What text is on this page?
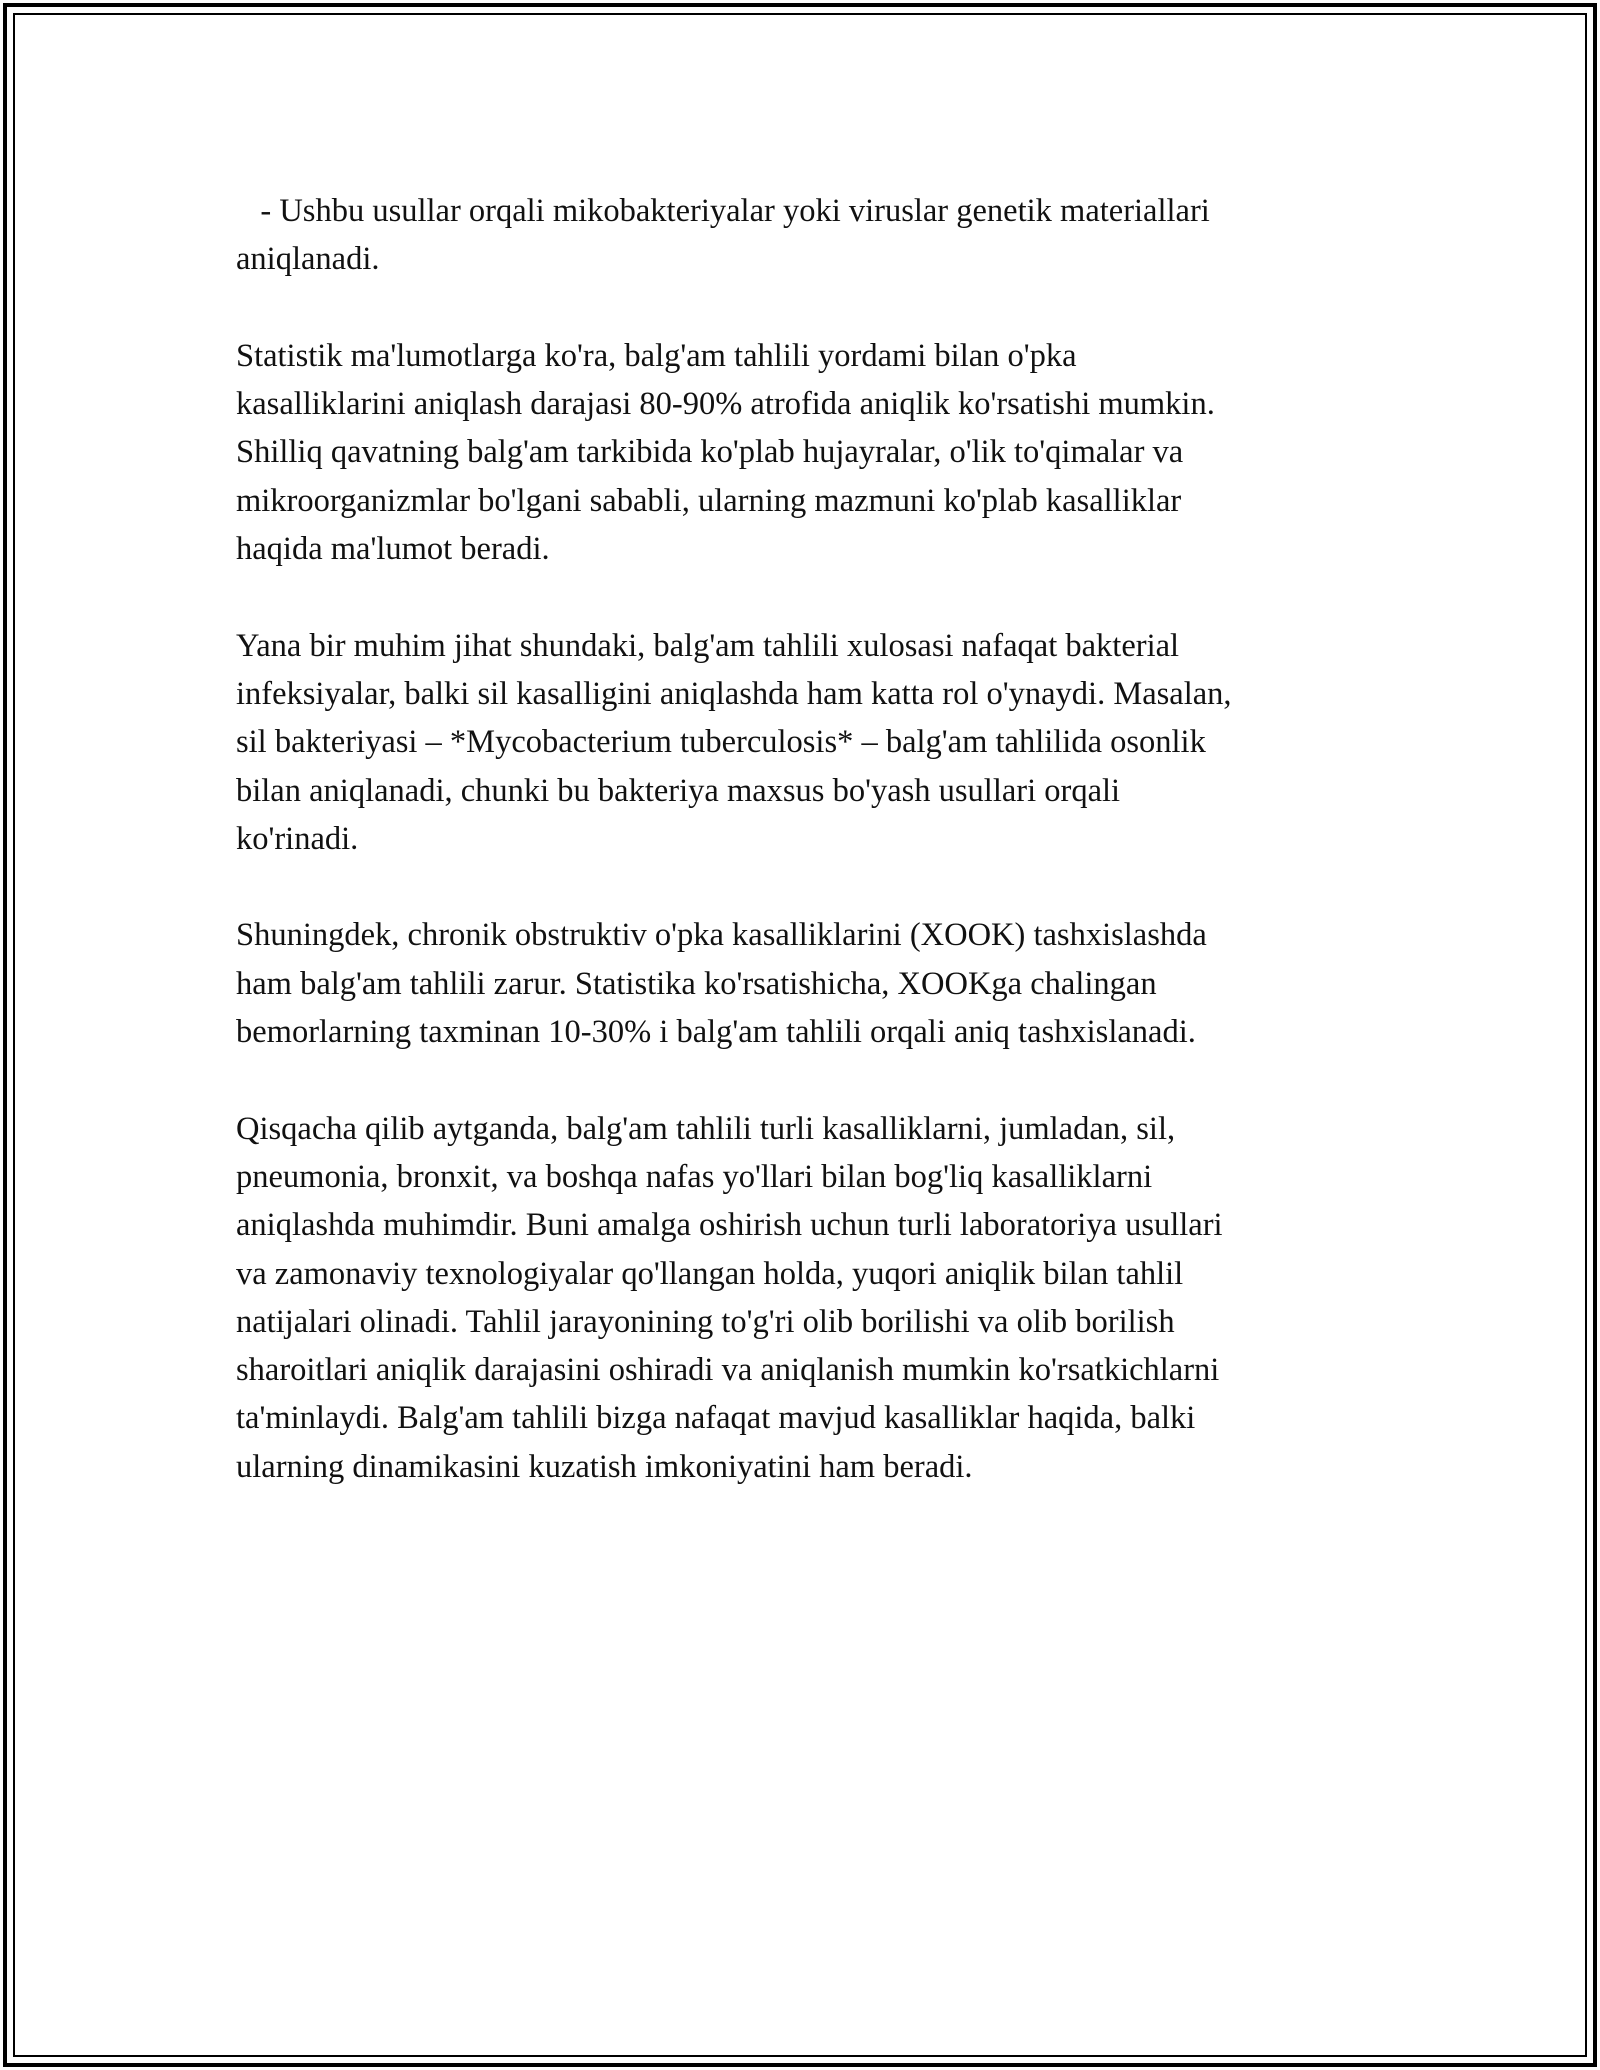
- Ushbu usullar orqali mikobakteriyalar yoki viruslar genetik materiallari
aniqlanadi.

Statistik ma'lumotlarga ko'ra, balg'am tahlili yordami bilan o'pka
kasalliklarini aniqlash darajasi 80-90% atrofida aniqlik ko'rsatishi mumkin.
Shilliq qavatning balg'am tarkibida ko'plab hujayralar, o'lik to'qimalar va
mikroorganizmlar bo'lgani sababli, ularning mazmuni ko'plab kasalliklar
haqida ma'lumot beradi.

Yana bir muhim jihat shundaki, balg'am tahlili xulosasi nafaqat bakterial
infeksiyalar, balki sil kasalligini aniqlashda ham katta rol o'ynaydi. Masalan,
sil bakteriyasi – *Mycobacterium tuberculosis* – balg'am tahlilida osonlik
bilan aniqlanadi, chunki bu bakteriya maxsus bo'yash usullari orqali
ko'rinadi.

Shuningdek, chronik obstruktiv o'pka kasalliklarini (XOOK) tashxislashda
ham balg'am tahlili zarur. Statistika ko'rsatishicha, XOOKga chalingan
bemorlarning taxminan 10-30% i balg'am tahlili orqali aniq tashxislanadi.

Qisqacha qilib aytganda, balg'am tahlili turli kasalliklarni, jumladan, sil,
pneumonia, bronxit, va boshqa nafas yo'llari bilan bog'liq kasalliklarni
aniqlashda muhimdir. Buni amalga oshirish uchun turli laboratoriya usullari
va zamonaviy texnologiyalar qo'llangan holda, yuqori aniqlik bilan tahlil
natijalari olinadi. Tahlil jarayonining to'g'ri olib borilishi va olib borilish
sharoitlari aniqlik darajasini oshiradi va aniqlanish mumkin ko'rsatkichlarni
ta'minlaydi. Balg'am tahlili bizga nafaqat mavjud kasalliklar haqida, balki
ularning dinamikasini kuzatish imkoniyatini ham beradi.
